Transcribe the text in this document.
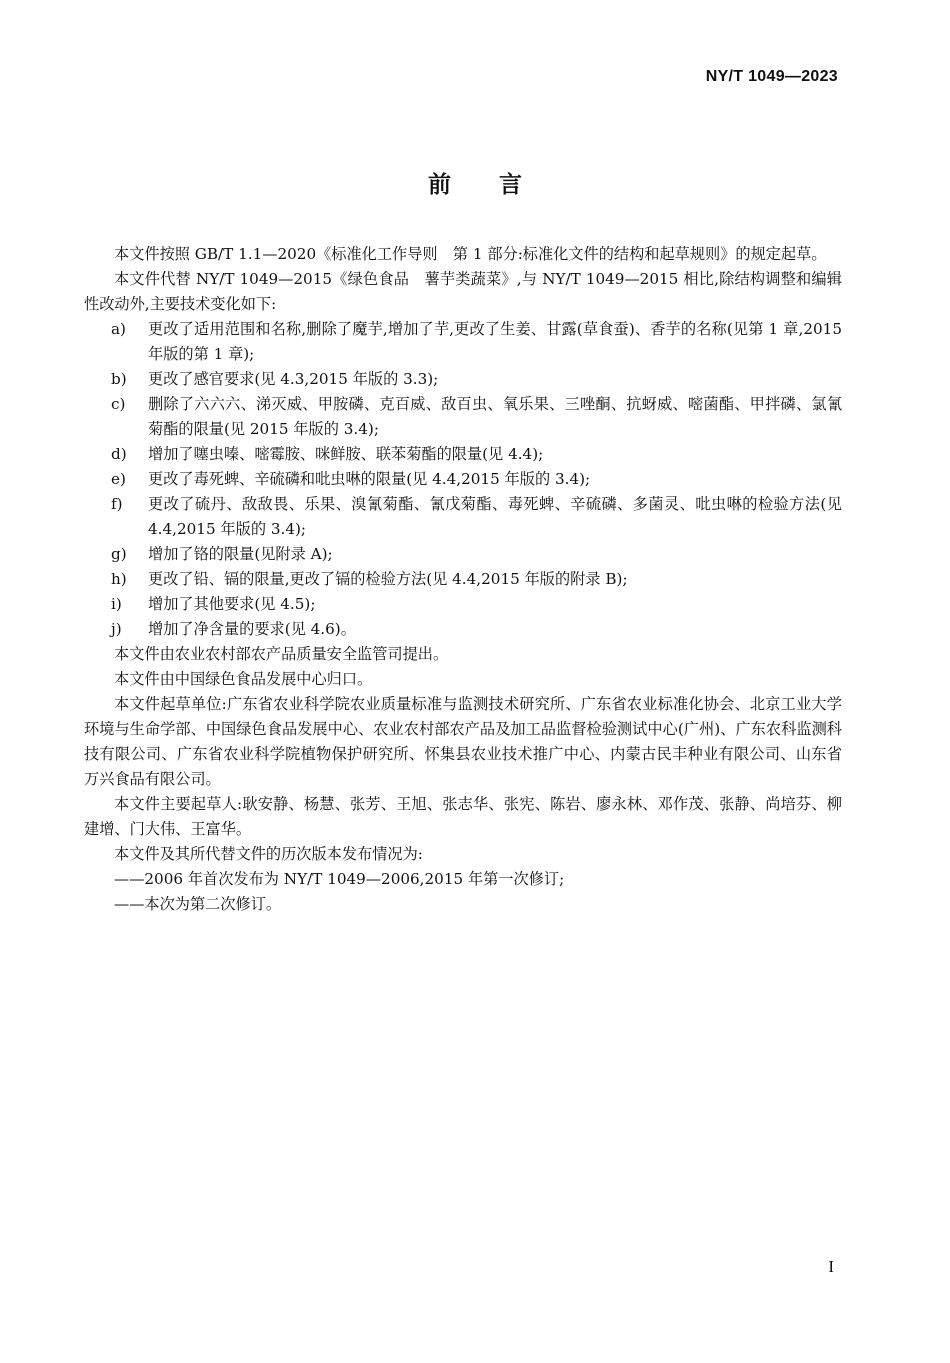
NY/T 1049—2023
前言

本文件按照 GB/T 1.1—2020《标准化工作导则　第 1 部分:标准化文件的结构和起草规则》的规定起草。

本文件代替 NY/T 1049—2015《绿色食品　薯芋类蔬菜》,与 NY/T 1049—2015 相比,除结构调整和编辑性改动外,主要技术变化如下:

a)	更改了适用范围和名称,删除了魔芋,增加了芋,更改了生姜、甘露(草食蚕)、香芋的名称(见第 1 章,2015 年版的第 1 章);
b)	更改了感官要求(见 4.3,2015 年版的 3.3);
c)	删除了六六六、涕灭威、甲胺磷、克百威、敌百虫、氧乐果、三唑酮、抗蚜威、嘧菌酯、甲拌磷、氯氰菊酯的限量(见 2015 年版的 3.4);
d)	增加了噻虫嗪、嘧霉胺、咪鲜胺、联苯菊酯的限量(见 4.4);
e)	更改了毒死蜱、辛硫磷和吡虫啉的限量(见 4.4,2015 年版的 3.4);
f)	更改了硫丹、敌敌畏、乐果、溴氰菊酯、氰戊菊酯、毒死蜱、辛硫磷、多菌灵、吡虫啉的检验方法(见 4.4,2015 年版的 3.4);
g)	增加了铬的限量(见附录 A);
h)	更改了铅、镉的限量,更改了镉的检验方法(见 4.4,2015 年版的附录 B);
i)	增加了其他要求(见 4.5);
j)	增加了净含量的要求(见 4.6)。

本文件由农业农村部农产品质量安全监管司提出。

本文件由中国绿色食品发展中心归口。

本文件起草单位:广东省农业科学院农业质量标准与监测技术研究所、广东省农业标准化协会、北京工业大学环境与生命学部、中国绿色食品发展中心、农业农村部农产品及加工品监督检验测试中心(广州)、广东农科监测科技有限公司、广东省农业科学院植物保护研究所、怀集县农业技术推广中心、内蒙古民丰种业有限公司、山东省万兴食品有限公司。

本文件主要起草人:耿安静、杨慧、张芳、王旭、张志华、张宪、陈岩、廖永林、邓作茂、张静、尚培芬、柳建增、门大伟、王富华。

本文件及其所代替文件的历次版本发布情况为:

——2006 年首次发布为 NY/T 1049—2006,2015 年第一次修订;

——本次为第二次修订。

I
